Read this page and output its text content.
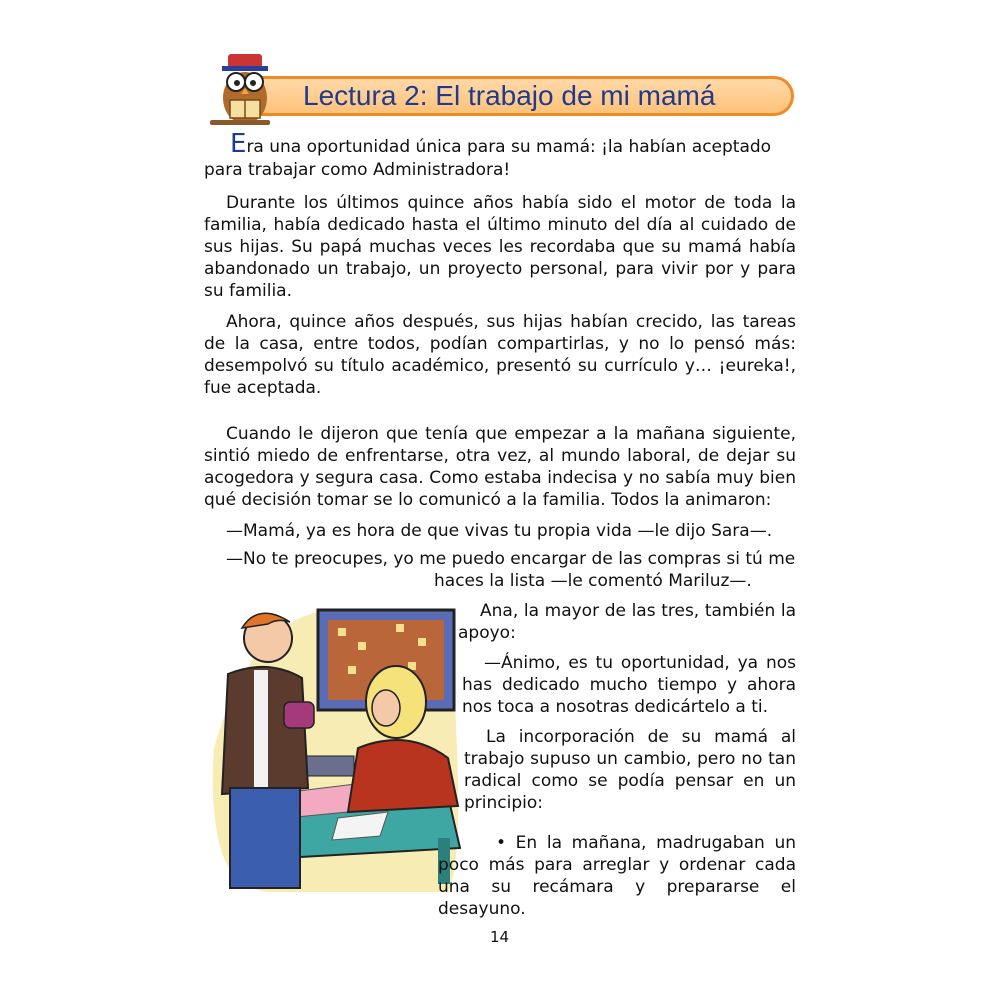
Lectura 2: El trabajo de mi mamá
Era una oportunidad única para su mamá: ¡la habían aceptado
para trabajar como Administradora!
Durante los últimos quince años había sido el motor de toda la familia, había dedicado hasta el último minuto del día al cuidado de sus hijas. Su papá muchas veces les recordaba que su mamá había abandonado un trabajo, un proyecto personal, para vivir por y para su familia.
Ahora, quince años después, sus hijas habían crecido, las tareas de la casa, entre todos, podían compartirlas, y no lo pensó más: desempolvó su título académico, presentó su currículo y… ¡eureka!, fue aceptada.
Cuando le dijeron que tenía que empezar a la mañana siguiente, sintió miedo de enfrentarse, otra vez, al mundo laboral, de dejar su acogedora y segura casa. Como estaba indecisa y no sabía muy bien qué decisión tomar se lo comunicó a la familia. Todos la animaron:
—Mamá, ya es hora de que vivas tu propia vida —le dijo Sara—.
—No te preocupes, yo me puedo encargar de las compras si tú me
haces la lista —le comentó Mariluz—.
Ana, la mayor de las tres, también la apoyo:
—Ánimo, es tu oportunidad, ya nos has dedicado mucho tiempo y ahora nos toca a nosotras dedicártelo a ti.
La incorporación de su mamá al trabajo supuso un cambio, pero no tan radical como se podía pensar en un principio:
• En la mañana, madrugaban un poco más para arreglar y ordenar cada una su recámara y prepararse el desayuno.
14
